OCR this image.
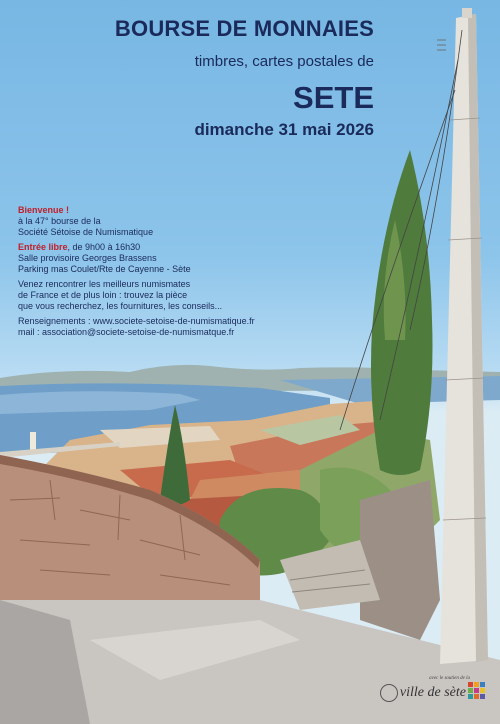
BOURSE DE MONNAIES
timbres, cartes postales de
SETE
dimanche 31 mai 2026

Bienvenue !

à la 47° bourse de la

Société Sétoise de Numismatique

Entrée libre, de 9h00 à 16h30

Salle provisoire Georges Brassens

Parking mas Coulet/Rte de Cayenne - Sète

Venez rencontrer les meilleurs numismates

de France et de plus loin : trouvez la pièce

que vous recherchez, les fournitures, les conseils...

Renseignements : www.societe-setoise-de-numismatique.fr

mail : association@societe-setoise-de-numismatque.fr

avec le soutien de la
ville de sète
